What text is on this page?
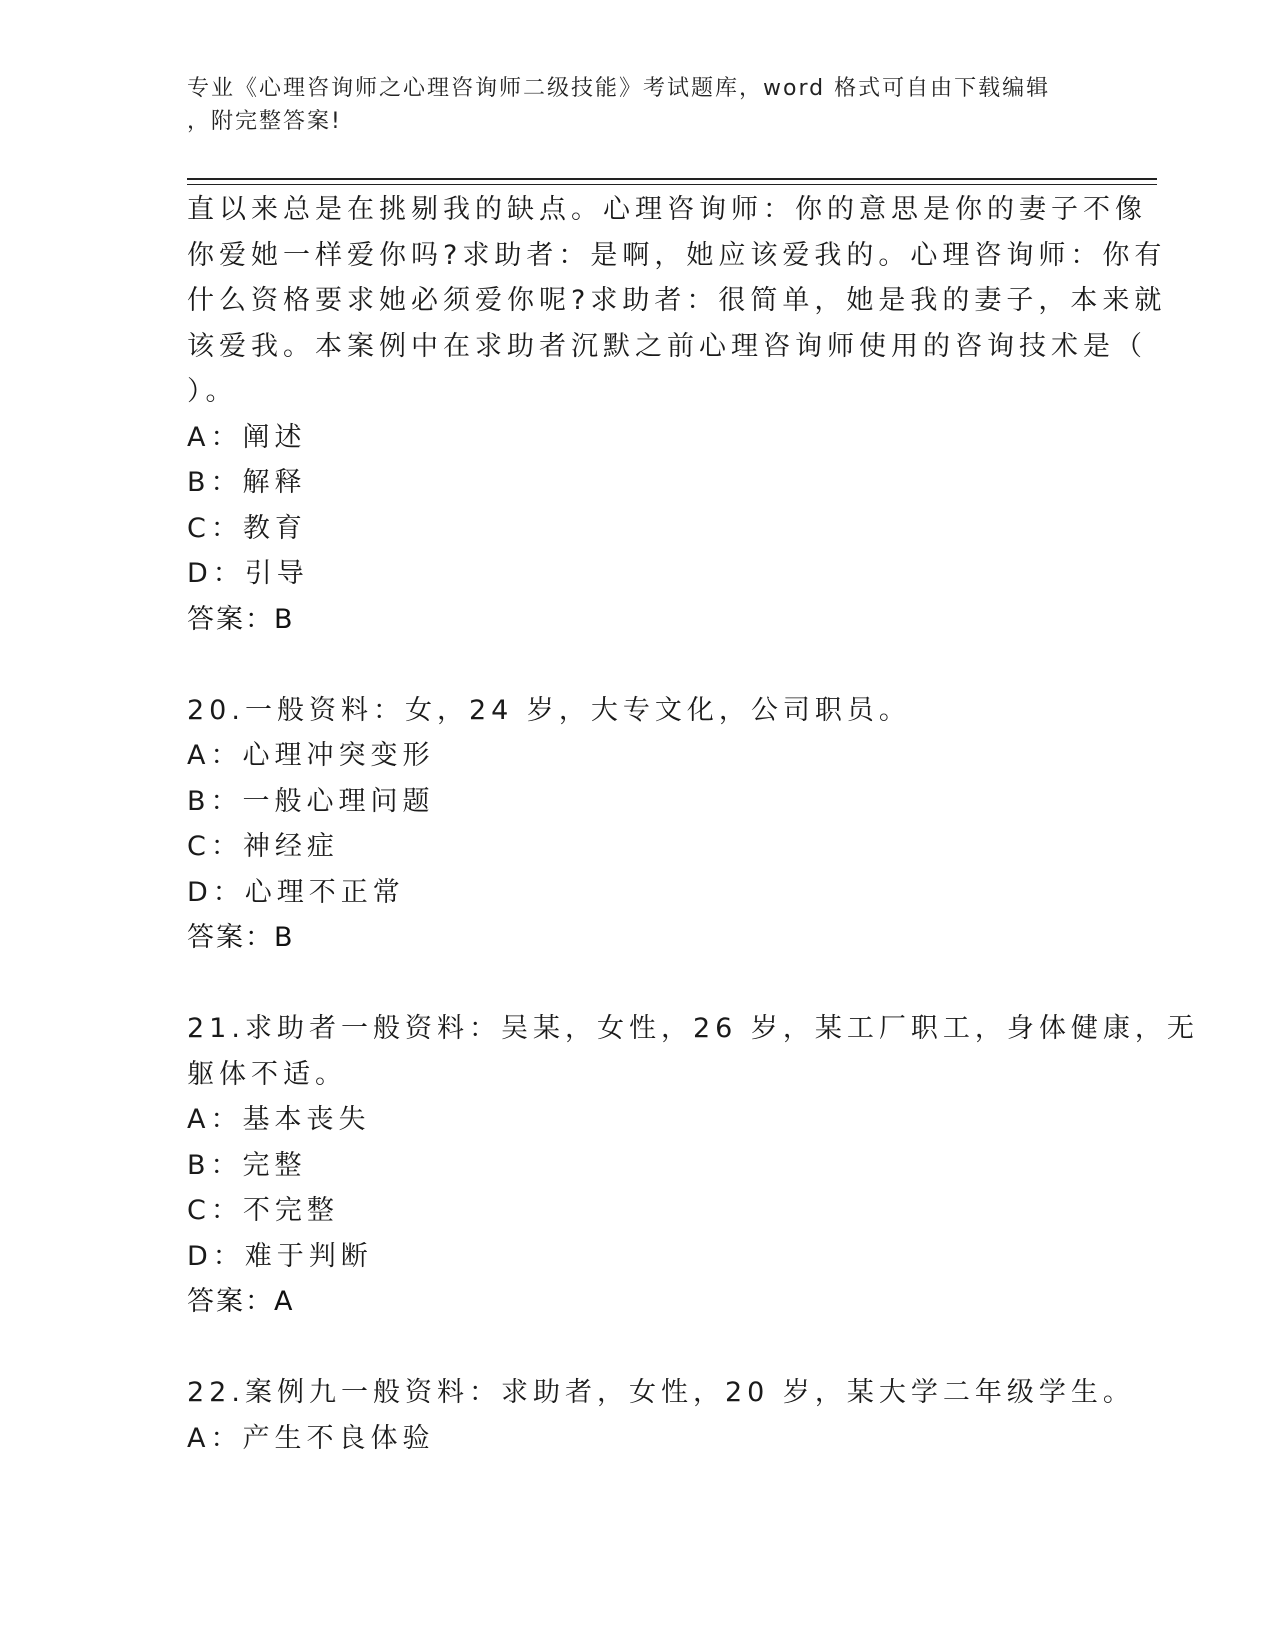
专业《心理咨询师之心理咨询师二级技能》考试题库，word 格式可自由下载编辑
，附完整答案!
直以来总是在挑剔我的缺点。心理咨询师：你的意思是你的妻子不像
你爱她一样爱你吗?求助者：是啊，她应该爱我的。心理咨询师：你有
什么资格要求她必须爱你呢?求助者：很简单，她是我的妻子，本来就
该爱我。本案例中在求助者沉默之前心理咨询师使用的咨询技术是（
）。
A：阐述
B：解释
C：教育
D：引导
答案：B
20.一般资料：女，24 岁，大专文化，公司职员。
A：心理冲突变形
B：一般心理问题
C：神经症
D：心理不正常
答案：B
21.求助者一般资料：吴某，女性，26 岁，某工厂职工，身体健康，无
躯体不适。
A：基本丧失
B：完整
C：不完整
D：难于判断
答案：A
22.案例九一般资料：求助者，女性，20 岁，某大学二年级学生。
A：产生不良体验
